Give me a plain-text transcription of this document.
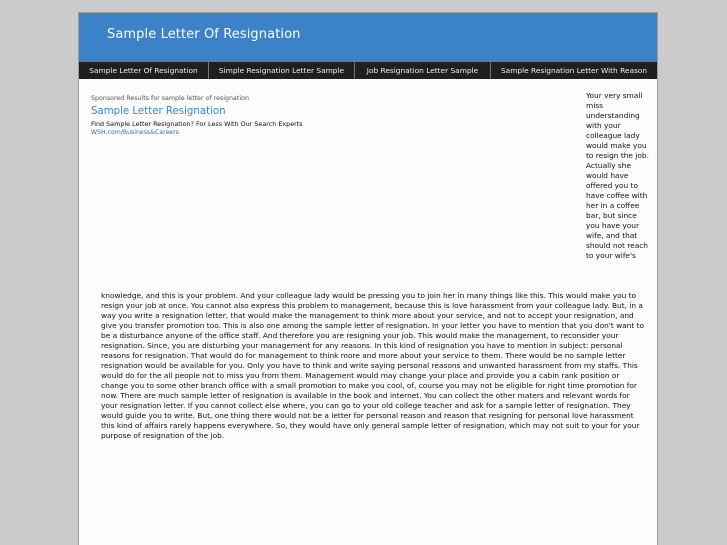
Sample Letter Of Resignation
Sample Letter Of Resignation	Simple Resignation Letter Sample	Job Resignation Letter Sample	Sample Resignation Letter With Reason
Sponsored Results for sample letter of resignation
Sample Letter Resignation
Find Sample Letter Resignation? For Less With Our Search Experts
WSH.com/Business&Careers
Your very small miss understanding with your colleague lady would make you to resign the job. Actually she would have offered you to have coffee with her in a coffee bar, but since you have your wife, and that should not reach to your wife's
knowledge, and this is your problem. And your colleague lady would be pressing you to join her in many things like this. This would make you to resign your job at once. You cannot also express this problem to management, because this is love harassment from your colleague lady. But, in a way you write a resignation letter, that would make the management to think more about your service, and not to accept your resignation, and give you transfer promotion too. This is also one among the sample letter of resignation. In your letter you have to mention that you don't want to be a disturbance anyone of the office staff. And therefore you are resigning your job. This would make the management, to reconsider your resignation. Since, you are disturbing your management for any reasons. In this kind of resignation you have to mention in subject: personal reasons for resignation. That would do for management to think more and more about your service to them. There would be no sample letter resignation would be available for you. Only you have to think and write saying personal reasons and unwanted harassment from my staffs. This would do for the all people not to miss you from them. Management would may change your place and provide you a cabin rank position or change you to some other branch office with a small promotion to make you cool, of, course you may not be eligible for right time promotion for now. There are much sample letter of resignation is available in the book and internet. You can collect the other maters and relevant words for your resignation letter. If you cannot collect else where, you can go to your old college teacher and ask for a sample letter of resignation. They would guide you to write. But, one thing there would not be a letter for personal reason and reason that resigning for personal love harassment this kind of affairs rarely happens everywhere. So, they would have only general sample letter of resignation, which may not suit to your for your purpose of resignation of the job.
